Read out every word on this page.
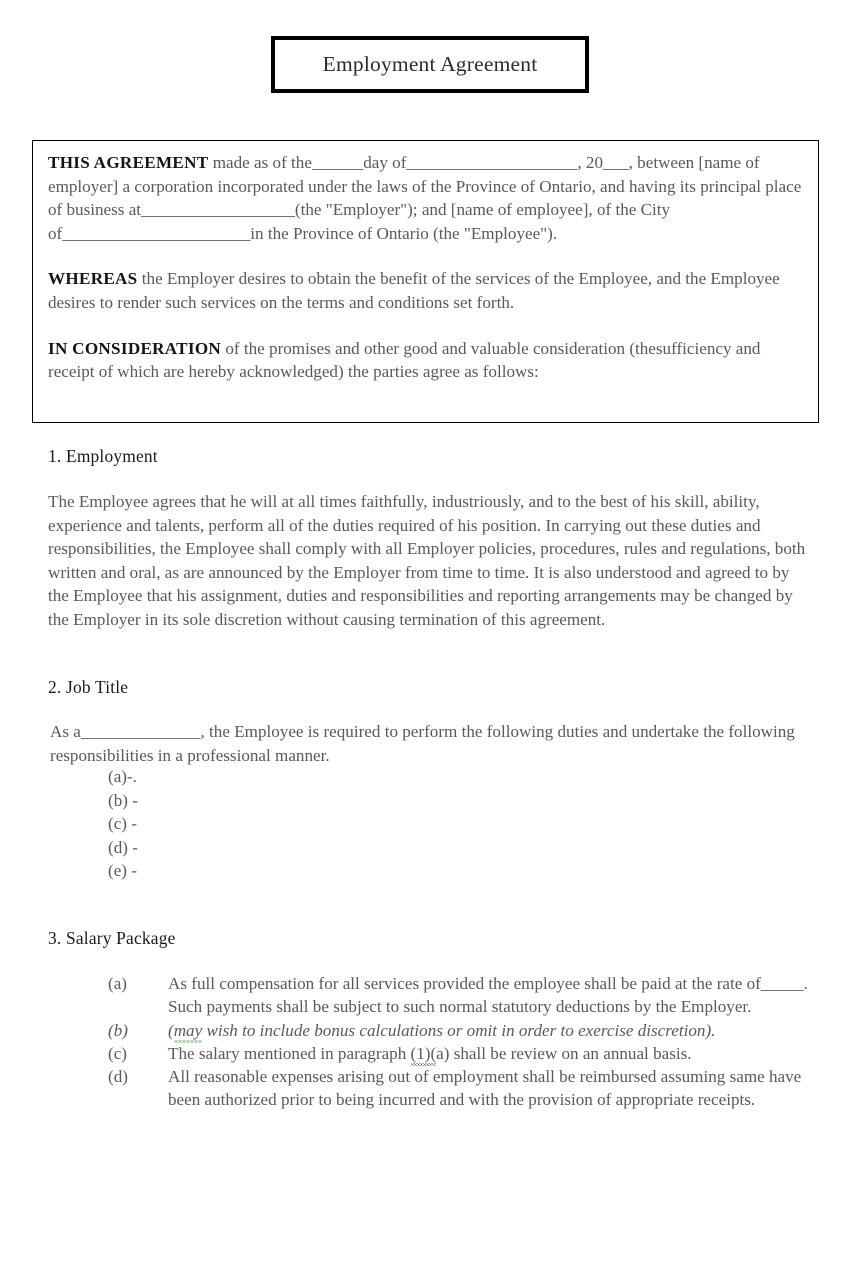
Employment Agreement

THIS AGREEMENT made as of the______day of____________________, 20___, between [name of employer] a corporation incorporated under the laws of the Province of Ontario, and having its principal place of business at__________________(the "Employer"); and [name of employee], of the City of______________________in the Province of Ontario (the "Employee").

WHEREAS the Employer desires to obtain the benefit of the services of the Employee, and the Employee desires to render such services on the terms and conditions set forth.

IN CONSIDERATION of the promises and other good and valuable consideration (thesufficiency and receipt of which are hereby acknowledged) the parties agree as follows:

1. Employment
The Employee agrees that he will at all times faithfully, industriously, and to the best of his skill, ability, experience and talents, perform all of the duties required of his position. In carrying out these duties and responsibilities, the Employee shall comply with all Employer policies, procedures, rules and regulations, both written and oral, as are announced by the Employer from time to time. It is also understood and agreed to by the Employee that his assignment, duties and responsibilities and reporting arrangements may be changed by the Employer in its sole discretion without causing termination of this agreement.
2. Job Title
As a______________, the Employee is required to perform the following duties and undertake the following responsibilities in a professional manner.
(a)-.
(b) -
(c) -
(d) -
(e) -
3. Salary Package
(a)	As full compensation for all services provided the employee shall be paid at the rate of_____. Such payments shall be subject to such normal statutory deductions by the Employer.
(b)	(may wish to include bonus calculations or omit in order to exercise discretion).
(c)	The salary mentioned in paragraph (1)(a) shall be review on an annual basis.
(d)	All reasonable expenses arising out of employment shall be reimbursed assuming same have been authorized prior to being incurred and with the provision of appropriate receipts.
